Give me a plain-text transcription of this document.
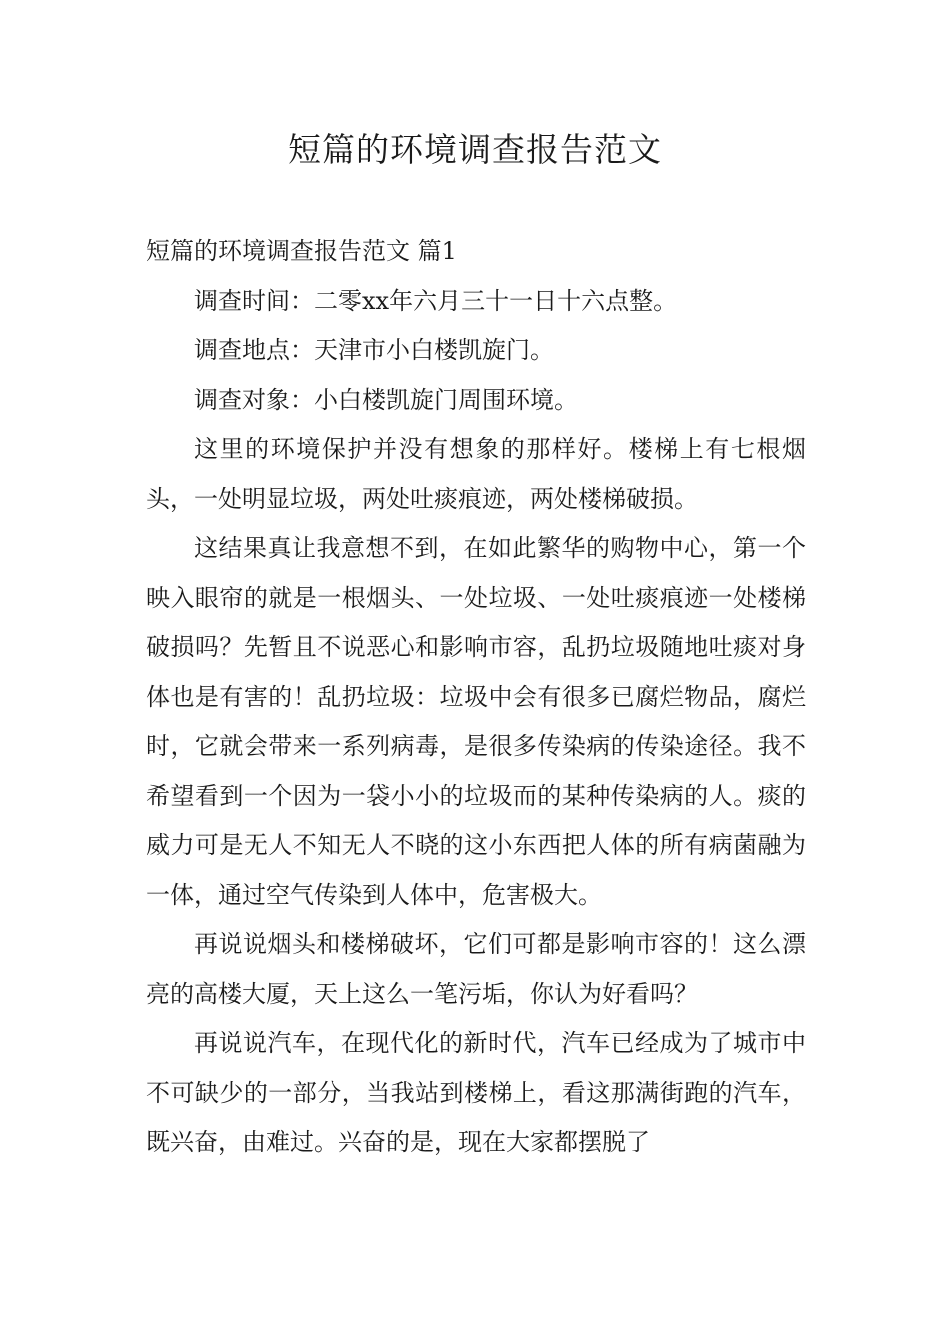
短篇的环境调查报告范文

短篇的环境调查报告范文 篇1

调查时间：二零xx年六月三十一日十六点整。

调查地点：天津市小白楼凯旋门。

调查对象：小白楼凯旋门周围环境。

这里的环境保护并没有想象的那样好。楼梯上有七根烟头，一处明显垃圾，两处吐痰痕迹，两处楼梯破损。

这结果真让我意想不到，在如此繁华的购物中心，第一个映入眼帘的就是一根烟头、一处垃圾、一处吐痰痕迹一处楼梯破损吗？先暂且不说恶心和影响市容，乱扔垃圾随地吐痰对身体也是有害的！乱扔垃圾：垃圾中会有很多已腐烂物品，腐烂时，它就会带来一系列病毒，是很多传染病的传染途径。我不希望看到一个因为一袋小小的垃圾而的某种传染病的人。痰的威力可是无人不知无人不晓的这小东西把人体的所有病菌融为一体，通过空气传染到人体中，危害极大。

再说说烟头和楼梯破坏，它们可都是影响市容的！这么漂亮的高楼大厦，天上这么一笔污垢，你认为好看吗？

再说说汽车，在现代化的新时代，汽车已经成为了城市中不可缺少的一部分，当我站到楼梯上，看这那满街跑的汽车，既兴奋，由难过。兴奋的是，现在大家都摆脱了
